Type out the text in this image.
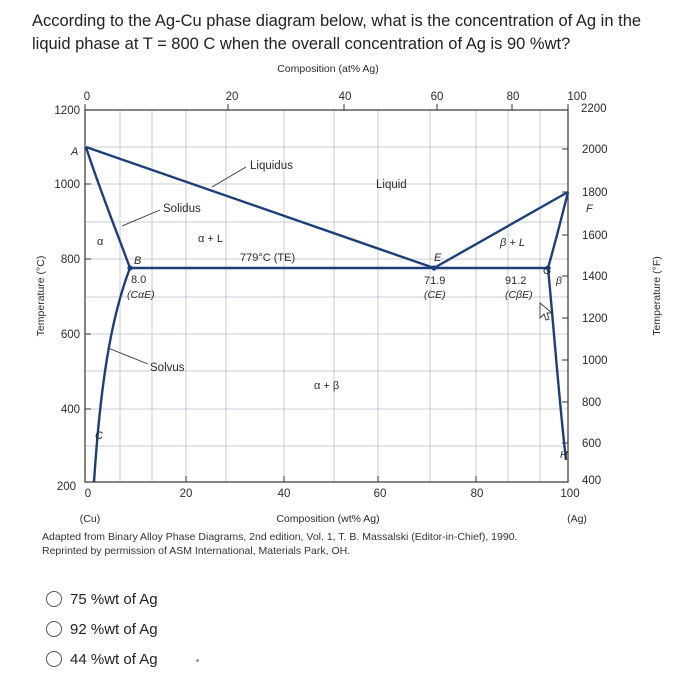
According to the Ag-Cu phase diagram below, what is the concentration of Ag in the liquid phase at T = 800 C when the overall concentration of Ag is 90 %wt?
Composition (at% Ag)
0	20	40	60	80	100
1200
1000
800
600
400
200
Temperature (°C)
2200
2000
1800
1600
1400
1200
1000
800
600
400
Temperature (°F)
0	20	40	60	80	100
(Cu)	Composition (wt% Ag)	(Ag)
Liquidus
Solidus
Solvus
Liquid
α	α + L	β + L
β
α + β
779°C (TE)
A
B
C
E
F
G
H
8.0
(CαE)
71.9
(CE)
91.2
(CβE)
Adapted from Binary Alloy Phase Diagrams, 2nd edition, Vol. 1, T. B. Massalski (Editor-in-Chief), 1990.
Reprinted by permission of ASM International, Materials Park, OH.
75 %wt of Ag
92 %wt of Ag
44 %wt of Ag
